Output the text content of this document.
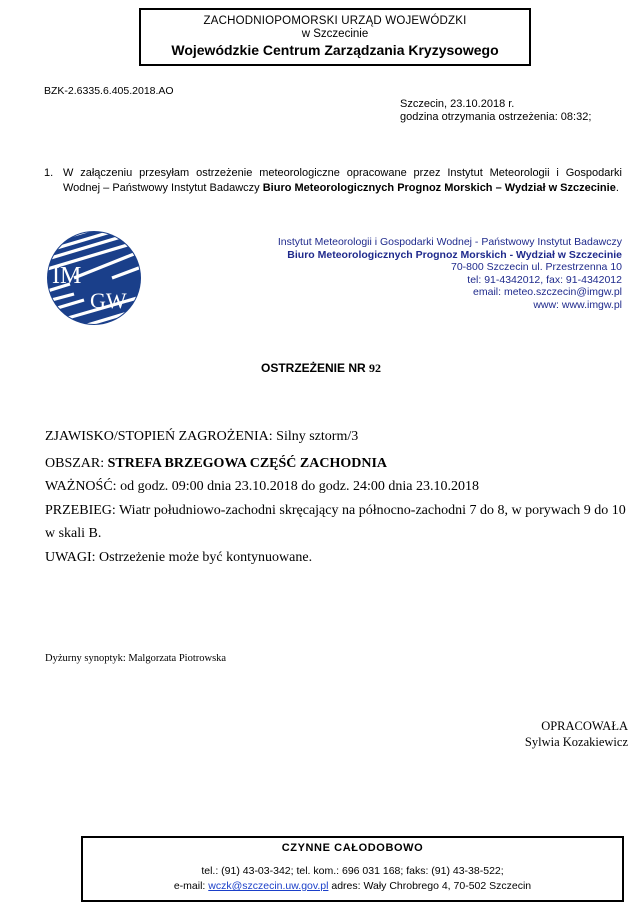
ZACHODNIOPOMORSKI URZĄD WOJEWÓDZKI
w Szczecinie
Wojewódzkie Centrum Zarządzania Kryzysowego
BZK-2.6335.6.405.2018.AO
Szczecin, 23.10.2018 r.
godzina otrzymania ostrzeżenia: 08:32;
1. W załączeniu przesyłam ostrzeżenie meteorologiczne opracowane przez Instytut Meteorologii i Gospodarki Wodnej – Państwowy Instytut Badawczy Biuro Meteorologicznych Prognoz Morskich – Wydział w Szczecinie.
IM
GW
Instytut Meteorologii i Gospodarki Wodnej - Państwowy Instytut Badawczy
Biuro Meteorologicznych Prognoz Morskich - Wydział w Szczecinie
70-800 Szczecin ul. Przestrzenna 10
tel: 91-4342012, fax: 91-4342012
email: meteo.szczecin@imgw.pl
www: www.imgw.pl
OSTRZEŻENIE NR 92
ZJAWISKO/STOPIEŃ ZAGROŻENIA: Silny sztorm/3
OBSZAR: STREFA BRZEGOWA CZĘŚĆ ZACHODNIA
WAŻNOŚĆ: od godz. 09:00 dnia 23.10.2018 do godz. 24:00 dnia 23.10.2018
PRZEBIEG: Wiatr południowo-zachodni skręcający na północno-zachodni 7 do 8, w porywach 9 do 10
w skali B.
UWAGI: Ostrzeżenie może być kontynuowane.
Dyżurny synoptyk: Malgorzata Piotrowska
OPRACOWAŁA
Sylwia Kozakiewicz
CZYNNE CAŁODOBOWO
tel.: (91) 43-03-342; tel. kom.: 696 031 168; faks: (91) 43-38-522;
e-mail: wczk@szczecin.uw.gov.pl adres: Wały Chrobrego 4, 70-502 Szczecin
